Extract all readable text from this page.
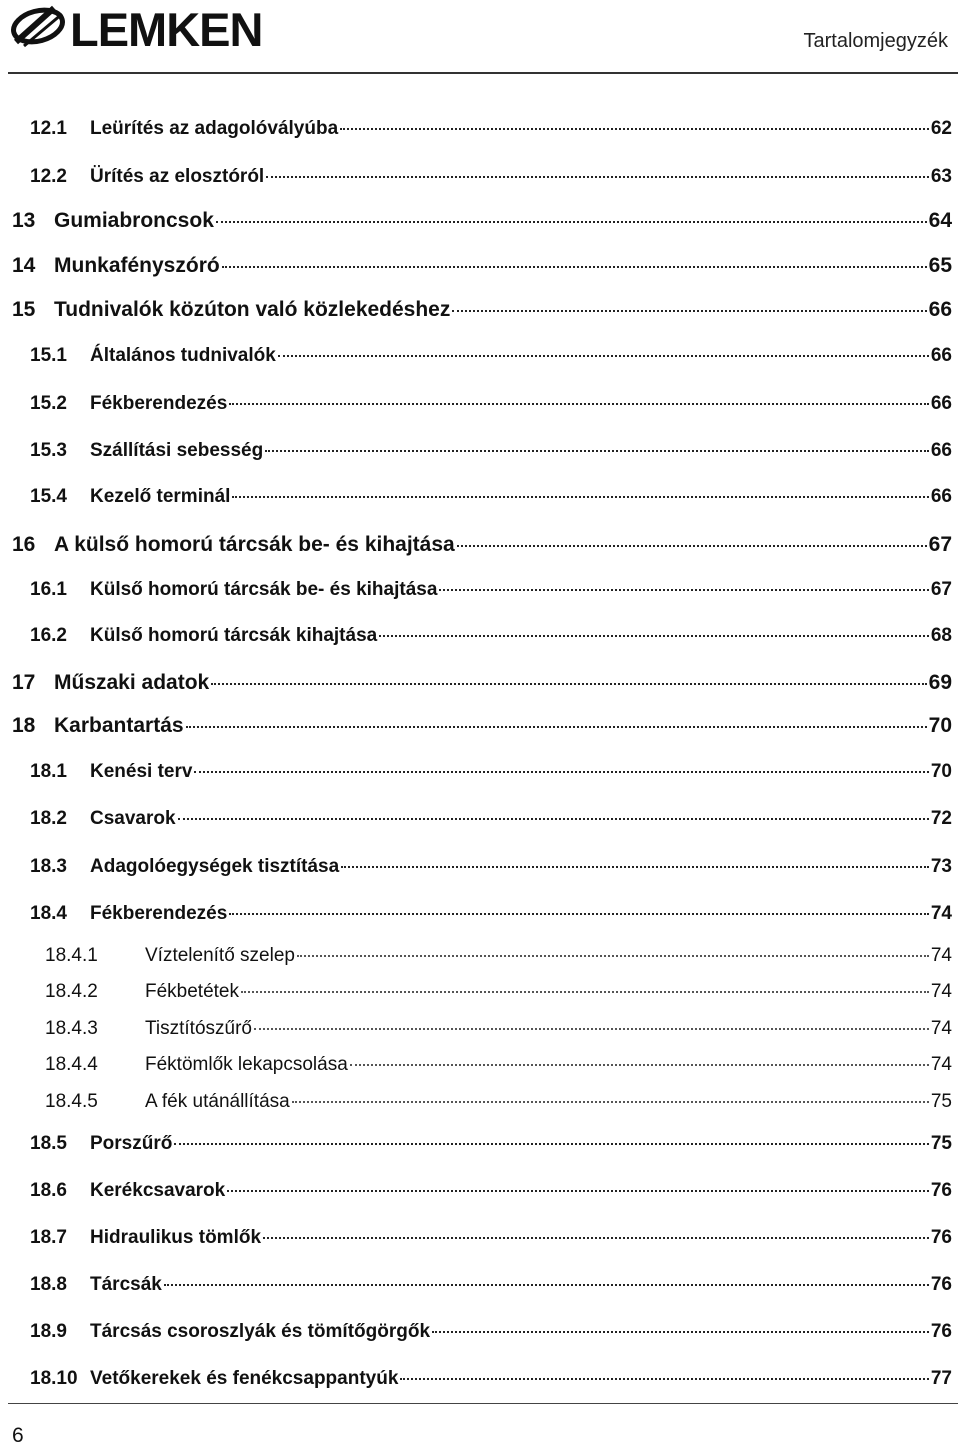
LEMKEN	Tartalomjegyzék
12.1	Leürítés az adagolóvályúba	62
12.2	Ürítés az elosztóról	63
13 Gumiabroncsok	64
14 Munkafényszóró	65
15 Tudnivalók közúton való közlekedéshez	66
15.1	Általános tudnivalók	66
15.2	Fékberendezés	66
15.3	Szállítási sebesség	66
15.4	Kezelő terminál	66
16 A külső homorú tárcsák be- és kihajtása	67
16.1	Külső homorú tárcsák be- és kihajtása	67
16.2	Külső homorú tárcsák kihajtása	68
17 Műszaki adatok	69
18 Karbantartás	70
18.1	Kenési terv	70
18.2	Csavarok	72
18.3	Adagolóegységek tisztítása	73
18.4	Fékberendezés	74
18.4.1	Víztelenítő szelep	74
18.4.2	Fékbetétek	74
18.4.3	Tisztítószűrő	74
18.4.4	Féktömlők lekapcsolása	74
18.4.5	A fék utánállítása	75
18.5	Porszűrő	75
18.6	Kerékcsavarok	76
18.7	Hidraulikus tömlők	76
18.8	Tárcsák	76
18.9	Tárcsás csoroszlyák és tömítőgörgők	76
18.10 Vetőkerekek és fenékcsappantyúk	77
6
